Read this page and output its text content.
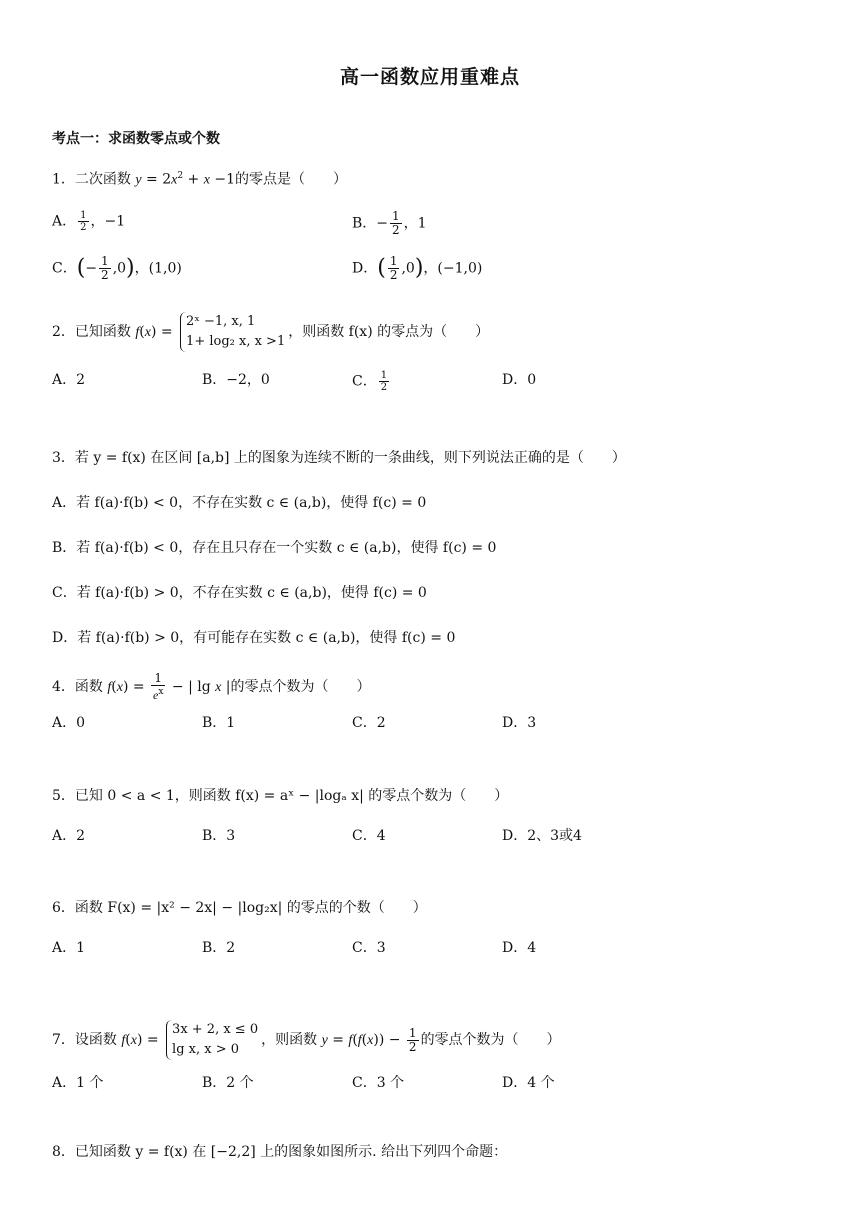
高一函数应用重难点
考点一：求函数零点或个数
1．二次函数 $y = 2x^2 + x -1$的零点是（　　）
A． $\frac{1}{2}$ ，−1	B．− $\frac{1}{2}$ ，1
C．(− $\frac{1}{2} ,0$)，(1,0)	D．( $\frac{1}{2} ,0$)，(−1,0)
2．已知函数 f(x) =
2ˣ −1, x, 1
1+ log₂ x, x >1
，则函数 f(x) 的零点为（　　）
A．2	B．−2，0	C． $\frac{1}{2}$	D．0
3．若 y = f(x) 在区间 [a,b] 上的图象为连续不断的一条曲线，则下列说法正确的是（　　）
A．若 f(a)·f(b) < 0，不存在实数 c ∈ (a,b)，使得 f(c) = 0
B．若 f(a)·f(b) < 0，存在且只存在一个实数 c ∈ (a,b)，使得 f(c) = 0
C．若 f(a)·f(b) > 0，不存在实数 c ∈ (a,b)，使得 f(c) = 0
D．若 f(a)·f(b) > 0，有可能存在实数 c ∈ (a,b)，使得 f(c) = 0
4．函数 $f(x) = \frac{1}{e^x}$ − | lg x |的零点个数为（　　）
A．0	B．1	C．2	D．3
5．已知 0 < a < 1，则函数 f(x) = aˣ − |logₐ x| 的零点个数为（　　）
A．2	B．3	C．4	D．2、3或4
6．函数 F(x) = |x² − 2x| − |log₂x| 的零点的个数（　　）
A．1	B．2	C．3	D．4
7．设函数 f(x) =
3x + 2, x ≤ 0
lg x, x > 0
，则函数 $y = f(f(x)) - \frac{1}{2}$ 的零点个数为（　　）
A．1 个	B．2 个	C．3 个	D．4 个
8．已知函数 y = f(x) 在 [−2,2] 上的图象如图所示. 给出下列四个命题：
